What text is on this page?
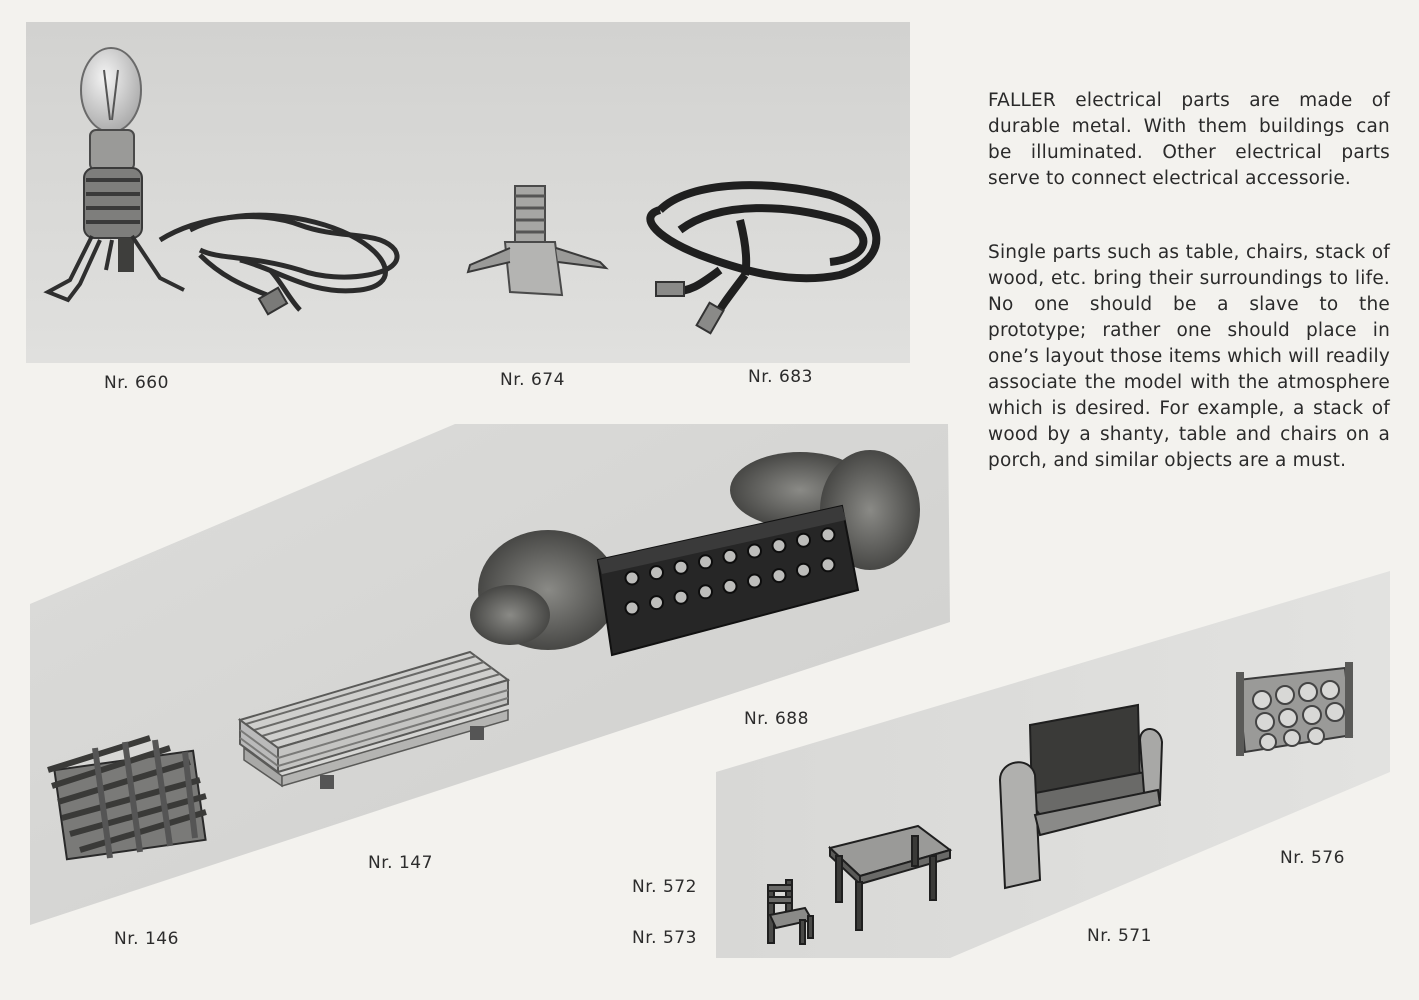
FALLER electrical parts are made of durable metal. With them buildings can be illuminated. Other electrical parts serve to connect electrical accessorie.

Single parts such as table, chairs, stack of wood, etc. bring their surroundings to life. No one should be a slave to the prototype; rather one should place in one’s layout those items which will readily associate the model with the atmosphere which is desired. For example, a stack of wood by a shanty, table and chairs on a porch, and similar objects are a must.

Nr. 660	Nr. 674	Nr. 683
Nr. 688
Nr. 147
Nr. 146
Nr. 572
Nr. 573	Nr. 571
Nr. 576
